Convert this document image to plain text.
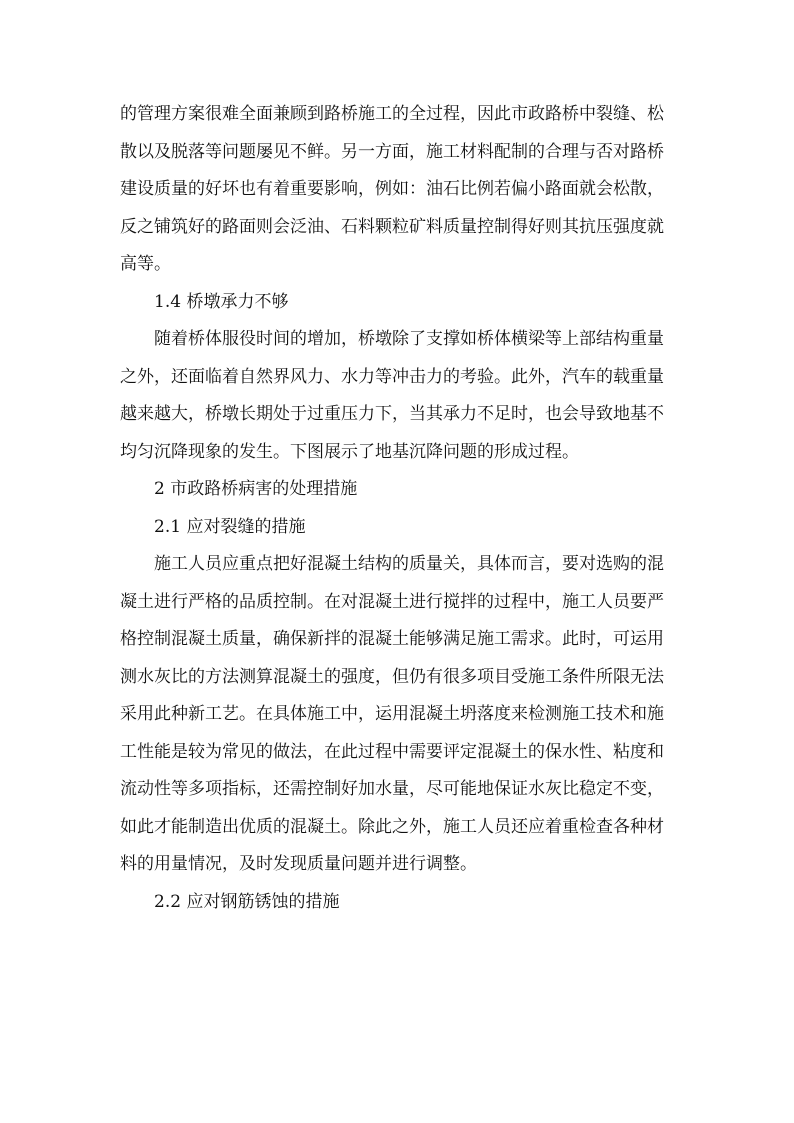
的管理方案很难全面兼顾到路桥施工的全过程，因此市政路桥中裂缝、松
散以及脱落等问题屡见不鲜。另一方面，施工材料配制的合理与否对路桥
建设质量的好坏也有着重要影响，例如：油石比例若偏小路面就会松散，
反之铺筑好的路面则会泛油、石料颗粒矿料质量控制得好则其抗压强度就
高等。

1.4 桥墩承力不够

随着桥体服役时间的增加，桥墩除了支撑如桥体横梁等上部结构重量
之外，还面临着自然界风力、水力等冲击力的考验。此外，汽车的载重量
越来越大，桥墩长期处于过重压力下，当其承力不足时，也会导致地基不
均匀沉降现象的发生。下图展示了地基沉降问题的形成过程。

2 市政路桥病害的处理措施

2.1 应对裂缝的措施

施工人员应重点把好混凝土结构的质量关，具体而言，要对选购的混
凝土进行严格的品质控制。在对混凝土进行搅拌的过程中，施工人员要严
格控制混凝土质量，确保新拌的混凝土能够满足施工需求。此时，可运用
测水灰比的方法测算混凝土的强度，但仍有很多项目受施工条件所限无法
采用此种新工艺。在具体施工中，运用混凝土坍落度来检测施工技术和施
工性能是较为常见的做法，在此过程中需要评定混凝土的保水性、粘度和
流动性等多项指标，还需控制好加水量，尽可能地保证水灰比稳定不变，
如此才能制造出优质的混凝土。除此之外，施工人员还应着重检查各种材
料的用量情况，及时发现质量问题并进行调整。

2.2 应对钢筋锈蚀的措施
